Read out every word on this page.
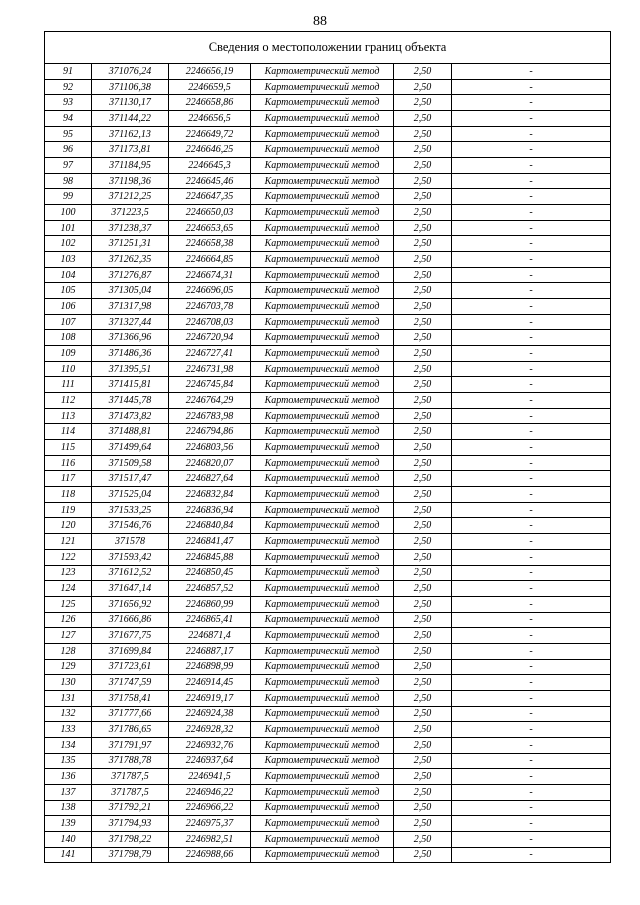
88
Сведения о местоположении границ объекта					
91	371076,24	2246656,19	Картометрический метод	2,50	-
92	371106,38	2246659,5	Картометрический метод	2,50	-
93	371130,17	2246658,86	Картометрический метод	2,50	-
94	371144,22	2246656,5	Картометрический метод	2,50	-
95	371162,13	2246649,72	Картометрический метод	2,50	-
96	371173,81	2246646,25	Картометрический метод	2,50	-
97	371184,95	2246645,3	Картометрический метод	2,50	-
98	371198,36	2246645,46	Картометрический метод	2,50	-
99	371212,25	2246647,35	Картометрический метод	2,50	-
100	371223,5	2246650,03	Картометрический метод	2,50	-
101	371238,37	2246653,65	Картометрический метод	2,50	-
102	371251,31	2246658,38	Картометрический метод	2,50	-
103	371262,35	2246664,85	Картометрический метод	2,50	-
104	371276,87	2246674,31	Картометрический метод	2,50	-
105	371305,04	2246696,05	Картометрический метод	2,50	-
106	371317,98	2246703,78	Картометрический метод	2,50	-
107	371327,44	2246708,03	Картометрический метод	2,50	-
108	371366,96	2246720,94	Картометрический метод	2,50	-
109	371486,36	2246727,41	Картометрический метод	2,50	-
110	371395,51	2246731,98	Картометрический метод	2,50	-
111	371415,81	2246745,84	Картометрический метод	2,50	-
112	371445,78	2246764,29	Картометрический метод	2,50	-
113	371473,82	2246783,98	Картометрический метод	2,50	-
114	371488,81	2246794,86	Картометрический метод	2,50	-
115	371499,64	2246803,56	Картометрический метод	2,50	-
116	371509,58	2246820,07	Картометрический метод	2,50	-
117	371517,47	2246827,64	Картометрический метод	2,50	-
118	371525,04	2246832,84	Картометрический метод	2,50	-
119	371533,25	2246836,94	Картометрический метод	2,50	-
120	371546,76	2246840,84	Картометрический метод	2,50	-
121	371578	2246841,47	Картометрический метод	2,50	-
122	371593,42	2246845,88	Картометрический метод	2,50	-
123	371612,52	2246850,45	Картометрический метод	2,50	-
124	371647,14	2246857,52	Картометрический метод	2,50	-
125	371656,92	2246860,99	Картометрический метод	2,50	-
126	371666,86	2246865,41	Картометрический метод	2,50	-
127	371677,75	2246871,4	Картометрический метод	2,50	-
128	371699,84	2246887,17	Картометрический метод	2,50	-
129	371723,61	2246898,99	Картометрический метод	2,50	-
130	371747,59	2246914,45	Картометрический метод	2,50	-
131	371758,41	2246919,17	Картометрический метод	2,50	-
132	371777,66	2246924,38	Картометрический метод	2,50	-
133	371786,65	2246928,32	Картометрический метод	2,50	-
134	371791,97	2246932,76	Картометрический метод	2,50	-
135	371788,78	2246937,64	Картометрический метод	2,50	-
136	371787,5	2246941,5	Картометрический метод	2,50	-
137	371787,5	2246946,22	Картометрический метод	2,50	-
138	371792,21	2246966,22	Картометрический метод	2,50	-
139	371794,93	2246975,37	Картометрический метод	2,50	-
140	371798,22	2246982,51	Картометрический метод	2,50	-
141	371798,79	2246988,66	Картометрический метод	2,50	-
